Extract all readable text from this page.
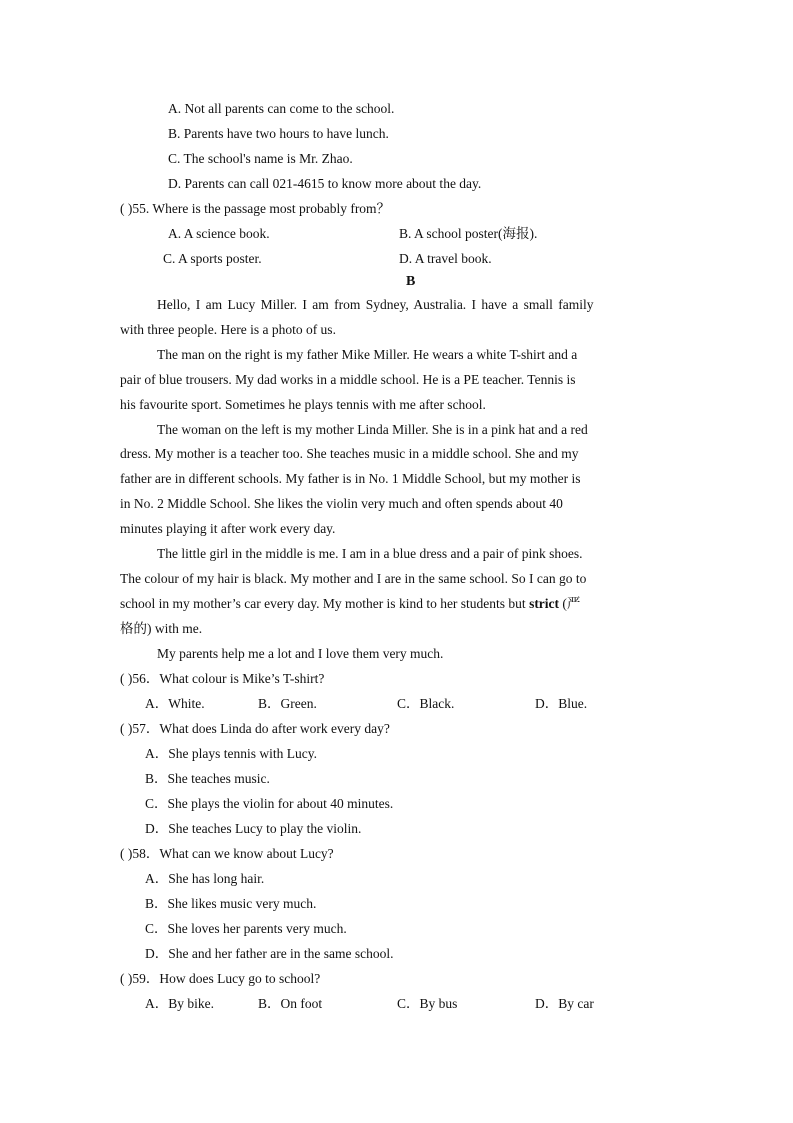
A. Not all parents can come to the school.
B. Parents have two hours to have lunch.
C. The school's name is Mr. Zhao.
D. Parents can call 021-4615 to know more about the day.
( )55. Where is the passage most probably from？
A. A science book.	B. A school poster(海报).
C. A sports poster.	D. A travel book.
B
Hello, I am Lucy Miller. I am from Sydney, Australia. I have a small family
with three people. Here is a photo of us.
The man on the right is my father Mike Miller. He wears a white T-shirt and a
pair of blue trousers. My dad works in a middle school. He is a PE teacher. Tennis is
his favourite sport. Sometimes he plays tennis with me after school.
The woman on the left is my mother Linda Miller. She is in a pink hat and a red
dress. My mother is a teacher too. She teaches music in a middle school. She and my
father are in different schools. My father is in No. 1 Middle School, but my mother is
in No. 2 Middle School. She likes the violin very much and often spends about 40
minutes playing it after work every day.
The little girl in the middle is me. I am in a blue dress and a pair of pink shoes.
The colour of my hair is black. My mother and I are in the same school. So I can go to
school in my mother’s car every day. My mother is kind to her students but strict (严
格的) with me.
My parents help me a lot and I love them very much.
( )56．What colour is Mike’s T-shirt?
A．White.	B．Green.	C．Black.	D．Blue.
( )57．What does Linda do after work every day?
A．She plays tennis with Lucy.
B．She teaches music.
C．She plays the violin for about 40 minutes.
D．She teaches Lucy to play the violin.
( )58．What can we know about Lucy?
A．She has long hair.
B．She likes music very much.
C．She loves her parents very much.
D．She and her father are in the same school.
( )59．How does Lucy go to school?
A．By bike.	B．On foot	C．By bus	D．By car
